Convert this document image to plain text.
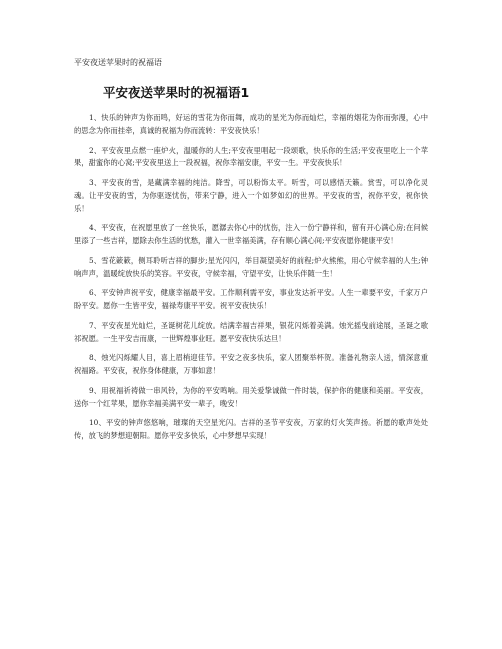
平安夜送苹果时的祝福语
平安夜送苹果时的祝福语1

1、快乐的钟声为你而鸣，好运的雪花为你而舞，成功的星光为你而灿烂，幸福的烟花为你而弥漫，心中的思念为你而挂牵，真诚的祝福为你而流转：平安夜快乐！

2、平安夜里点燃一座炉火，温暖你的人生;平安夜里唱起一段颂歌，快乐你的生活;平安夜里吃上一个苹果，甜蜜你的心窝;平安夜里送上一段祝福，祝你幸福安康，平安一生。平安夜快乐！

3、平安夜的雪，是藏满幸福的纯洁。降雪，可以粉饰太平。听雪，可以感悟天籁。赏雪，可以净化灵魂。让平安夜的雪，为你驱逐忧伤，带来宁静，进入一个如梦如幻的世界。平安夜的雪，祝你平安，祝你快乐！

4、平安夜，在祝愿里放了一丝快乐，愿潺去你心中的忧伤，注入一份宁静祥和，留有开心满心房;在问候里添了一些吉祥，愿除去你生活的忧愁，灌入一世幸福美满，存有顺心满心间;平安夜愿你健康平安！

5、雪花簌簌，侧耳聆听吉祥的脚步;星光闪闪，举目凝望美好的前程;炉火熊熊，用心守候幸福的人生;钟响声声，温暖绽放快乐的笑容。平安夜，守候幸福，守望平安，让快乐伴随一生！

6、平安钟声祝平安，健康幸福最平安。工作顺利需平安，事业发达祈平安。人生一辈要平安，千家万户盼平安。愿你一生皆平安，福禄寿康平平安。祝平安夜快乐！

7、平安夜星光灿烂，圣诞树花儿绽放。结满幸福吉祥果，银花闪烁着美满。烛光摇曳前途展，圣诞之歌祁祝愿。一生平安吉而康，一世辉煌事业旺。愿平安夜快乐达旦！

8、烛光闪烁耀人目，喜上眉梢迎佳节。平安之夜多快乐，家人团聚举杯贺。准备礼物亲人送，情深意重祝福路。平安夜，祝你身体健康，万事如意！

9、用祝福祈祷做一串风铃，为你的平安鸣响。用关爱挚诚做一件时装，保护你的健康和美丽。平安夜，送你一个红苹果，愿你幸福美满平安一辈子，晚安！

10、平安的钟声悠悠响，璀璨的天空星光闪。吉祥的圣节平安夜，万家的灯火笑声扬。祈愿的歌声处处传，放飞的梦想迎朝阳。愿你平安多快乐，心中梦想早实现！
